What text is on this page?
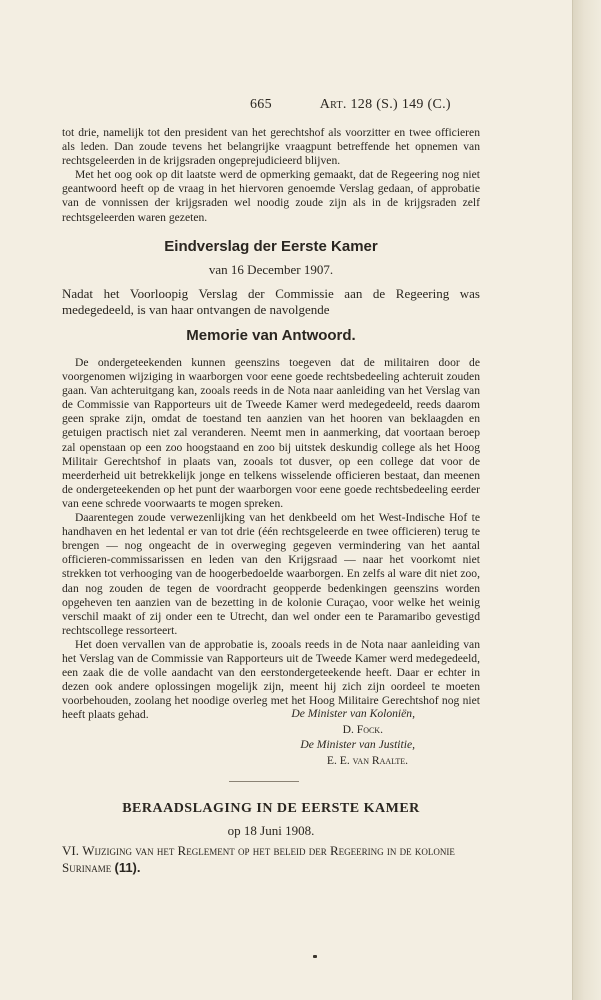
665	Art. 128 (S.) 149 (C.)

tot drie, namelijk tot den president van het gerechtshof als voorzitter en twee officieren als leden. Dan zoude tevens het belangrijke vraagpunt betreffende het opnemen van rechtsgeleerden in de krijgsraden ongeprejudicieerd blijven.

Met het oog ook op dit laatste werd de opmerking gemaakt, dat de Regeering nog niet geantwoord heeft op de vraag in het hiervoren genoemde Verslag gedaan, of approbatie van de vonnissen der krijgsraden wel noodig zoude zijn als in de krijgsraden zelf rechtsgeleerden waren gezeten.

Eindverslag der Eerste Kamer
van 16 December 1907.

Nadat het Voorloopig Verslag der Commissie aan de Regeering was medegedeeld, is van haar ontvangen de navolgende

Memorie van Antwoord.

De ondergeteekenden kunnen geenszins toegeven dat de militairen door de voorgenomen wijziging in waarborgen voor eene goede rechtsbedeeling achteruit zouden gaan. Van achteruitgang kan, zooals reeds in de Nota naar aanleiding van het Verslag van de Commissie van Rapporteurs uit de Tweede Kamer werd medegedeeld, reeds daarom geen sprake zijn, omdat de toestand ten aanzien van het hooren van beklaagden en getuigen practisch niet zal veranderen. Neemt men in aanmerking, dat voortaan beroep zal openstaan op een zoo hoogstaand en zoo bij uitstek deskundig college als het Hoog Militair Gerechtshof in plaats van, zooals tot dusver, op een college dat voor de meerderheid uit betrekkelijk jonge en telkens wisselende officieren bestaat, dan meenen de ondergeteekenden op het punt der waarborgen voor eene goede rechtsbedeeling eerder van eene schrede voorwaarts te mogen spreken.

Daarentegen zoude verwezenlijking van het denkbeeld om het West-Indische Hof te handhaven en het ledental er van tot drie (één rechtsgeleerde en twee officieren) terug te brengen — nog ongeacht de in overweging gegeven vermindering van het aantal officieren-commissarissen en leden van den Krijgsraad — naar het voorkomt niet strekken tot verhooging van de hoogerbedoelde waarborgen. En zelfs al ware dit niet zoo, dan nog zouden de tegen de voordracht geopperde bedenkingen geenszins worden opgeheven ten aanzien van de bezetting in de kolonie Curaçao, voor welke het weinig verschil maakt of zij onder een te Utrecht, dan wel onder een te Paramaribo gevestigd rechtscollege ressorteert.

Het doen vervallen van de approbatie is, zooals reeds in de Nota naar aanleiding van het Verslag van de Commissie van Rapporteurs uit de Tweede Kamer werd medegedeeld, een zaak die de volle aandacht van den eerstondergeteekende heeft. Daar er echter in dezen ook andere oplossingen mogelijk zijn, meent hij zich zijn oordeel te moeten voorbehouden, zoolang het noodige overleg met het Hoog Militaire Gerechtshof nog niet heeft plaats gehad.	De Minister van Koloniën,
D. Fock.
De Minister van Justitie,
E. E. van Raalte.
BERAADSLAGING IN DE EERSTE KAMER
op 18 Juni 1908.
VI. Wijziging van het Reglement op het beleid der Regeering in de kolonie Suriname (11).
